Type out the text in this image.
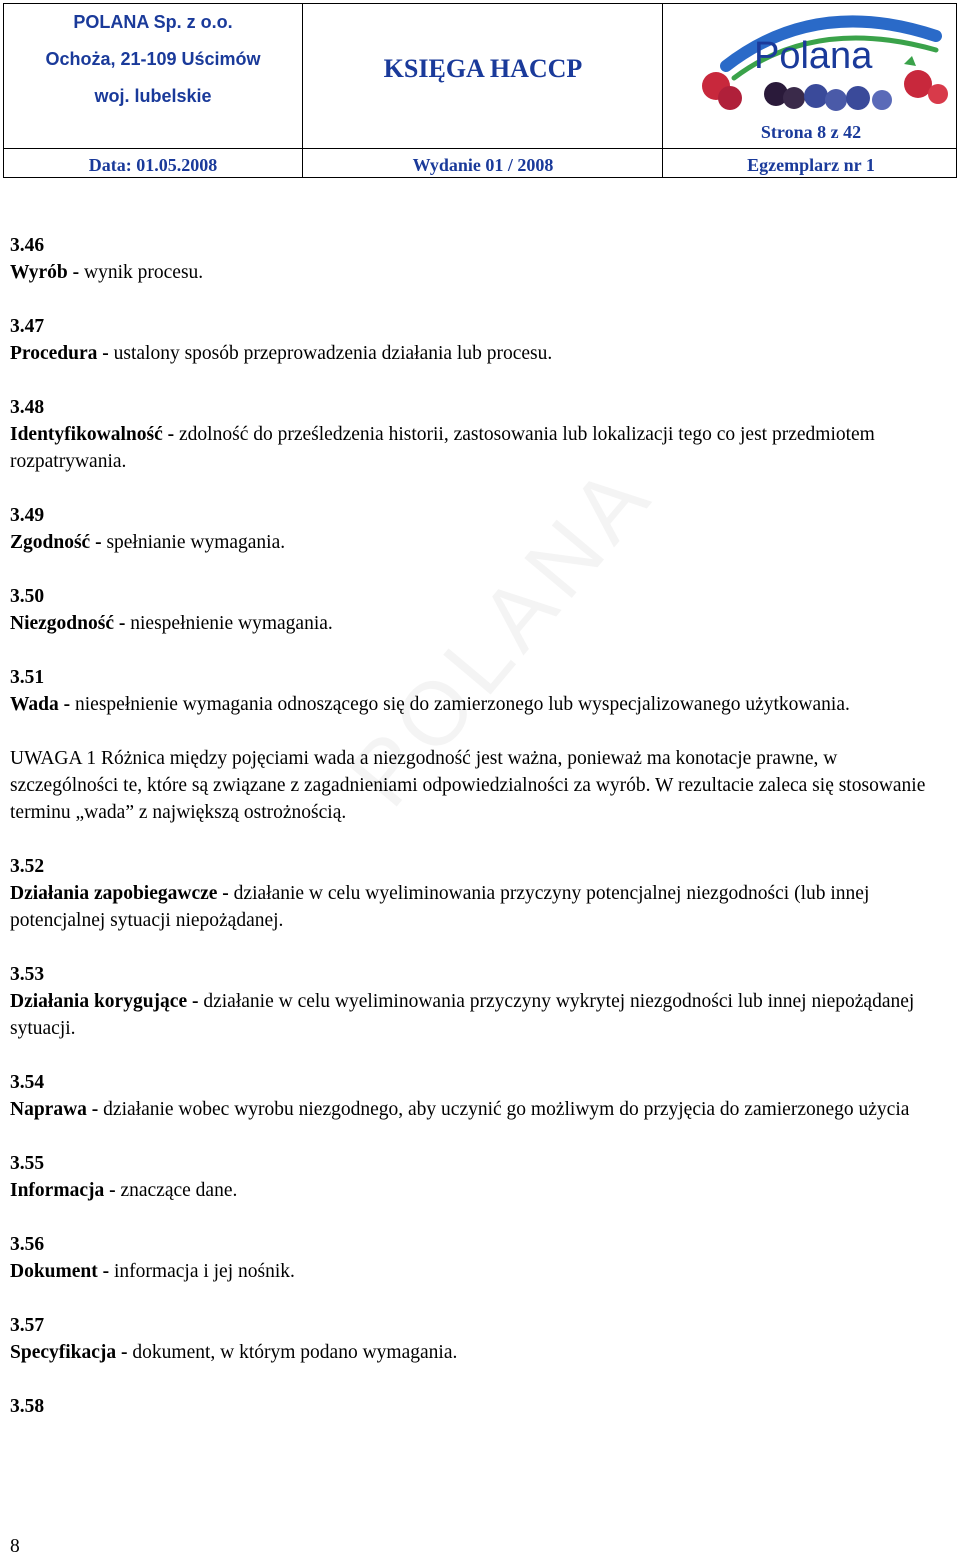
POLANA Sp. z o.o.
Ochoża, 21-109 Uścimów
woj. lubelskie
KSIĘGA HACCP	Polana
Strona 8 z 42
Data: 01.05.2008	Wydanie 01 / 2008	Egzemplarz nr 1
3.46
Wyrób - wynik procesu.
3.47
Procedura - ustalony sposób przeprowadzenia działania lub procesu.
3.48
Identyfikowalność - zdolność do prześledzenia historii, zastosowania lub lokalizacji tego co jest przedmiotem rozpatrywania.
3.49
Zgodność - spełnianie wymagania.
3.50
Niezgodność - niespełnienie wymagania.
3.51
Wada - niespełnienie wymagania odnoszącego się do zamierzonego lub wyspecjalizowanego użytkowania.
UWAGA 1 Różnica między pojęciami wada a niezgodność jest ważna, ponieważ ma konotacje prawne, w szczególności te, które są związane z zagadnieniami odpowiedzialności za wyrób. W rezultacie zaleca się stosowanie terminu „wada” z największą ostrożnością.
3.52
Działania zapobiegawcze - działanie w celu wyeliminowania przyczyny potencjalnej niezgodności (lub innej potencjalnej sytuacji niepożądanej.
3.53
Działania korygujące - działanie w celu wyeliminowania przyczyny wykrytej niezgodności lub innej niepożądanej sytuacji.
3.54
Naprawa - działanie wobec wyrobu niezgodnego, aby uczynić go możliwym do przyjęcia do zamierzonego użycia
3.55
Informacja - znaczące dane.
3.56
Dokument - informacja i jej nośnik.
3.57
Specyfikacja - dokument, w którym podano wymagania.
3.58
8
